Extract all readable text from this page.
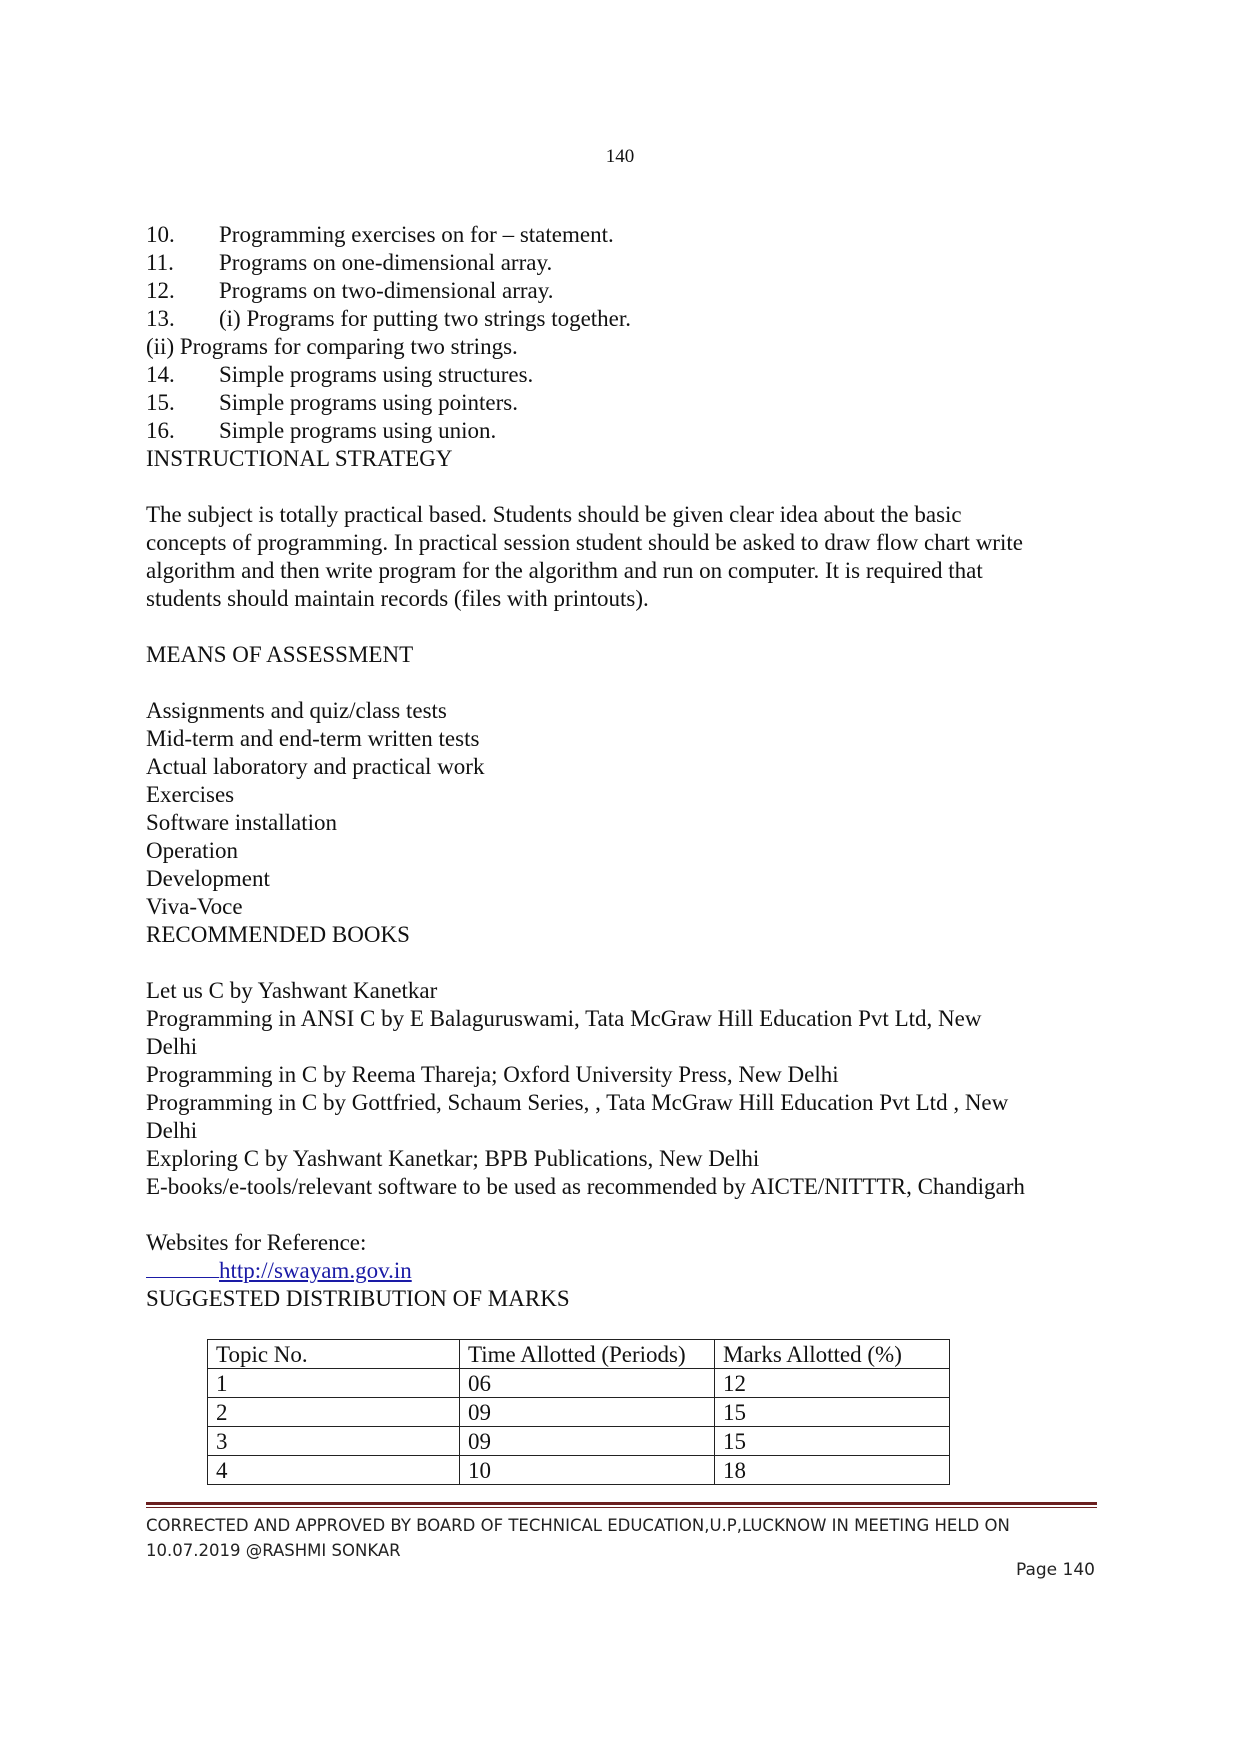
140
10.	Programming exercises on for – statement.
11.	Programs on one-dimensional array.
12.	Programs on two-dimensional array.
13.	(i) Programs for putting two strings together.

(ii) Programs for comparing two strings.

14.	Simple programs using structures.
15.	Simple programs using pointers.
16.	Simple programs using union.

INSTRUCTIONAL STRATEGY

The subject is totally practical based. Students should be given clear idea about the basic

concepts of programming. In practical session student should be asked to draw flow chart write

algorithm and then write program for the algorithm and run on computer. It is required that

students should maintain records (files with printouts).

MEANS OF ASSESSMENT

Assignments and quiz/class tests

Mid-term and end-term written tests

Actual laboratory and practical work

Exercises

Software installation

Operation

Development

Viva-Voce

RECOMMENDED BOOKS

Let us C by Yashwant Kanetkar

Programming in ANSI C by E Balaguruswami, Tata McGraw Hill Education Pvt Ltd, New

Delhi

Programming in C by Reema Thareja; Oxford University Press, New Delhi

Programming in C by Gottfried, Schaum Series, , Tata McGraw Hill Education Pvt Ltd , New

Delhi

Exploring C by Yashwant Kanetkar; BPB Publications, New Delhi

E-books/e-tools/relevant software to be used as recommended by AICTE/NITTTR, Chandigarh

Websites for Reference:

http://swayam.gov.in

SUGGESTED DISTRIBUTION OF MARKS

Topic No.	Time Allotted (Periods)	Marks Allotted (%)
1	06	12
2	09	15
3	09	15
4	10	18
CORRECTED AND APPROVED BY BOARD OF TECHNICAL EDUCATION,U.P,LUCKNOW IN MEETING HELD ON
10.07.2019 @RASHMI SONKAR
Page 140
